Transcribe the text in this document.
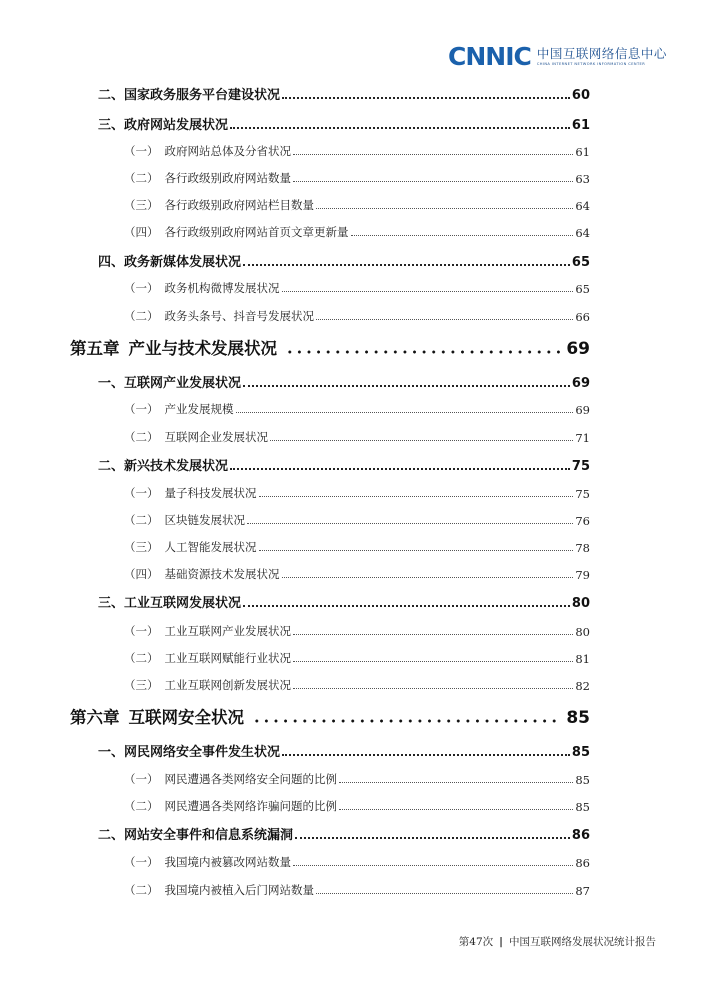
CNNIC 中国互联网络信息中心
CHINA INTERNET NETWORK INFORMATION CENTER
二、国家政务服务平台建设状况	60
三、政府网站发展状况	61
（一） 政府网站总体及分省状况	61
（二） 各行政级别政府网站数量	63
（三） 各行政级别政府网站栏目数量	64
（四） 各行政级别政府网站首页文章更新量	64
四、政务新媒体发展状况	65
（一） 政务机构微博发展状况	65
（二） 政务头条号、抖音号发展状况	66
第五章 产业与技术发展状况	69
一、互联网产业发展状况	69
（一） 产业发展规模	69
（二） 互联网企业发展状况	71
二、新兴技术发展状况	75
（一） 量子科技发展状况	75
（二） 区块链发展状况	76
（三） 人工智能发展状况	78
（四） 基础资源技术发展状况	79
三、工业互联网发展状况	80
（一） 工业互联网产业发展状况	80
（二） 工业互联网赋能行业状况	81
（三） 工业互联网创新发展状况	82
第六章 互联网安全状况	85
一、网民网络安全事件发生状况	85
（一） 网民遭遇各类网络安全问题的比例	85
（二） 网民遭遇各类网络诈骗问题的比例	85
二、网站安全事件和信息系统漏洞	86
（一） 我国境内被篡改网站数量	86
（二） 我国境内被植入后门网站数量	87
第47次 | 中国互联网络发展状况统计报告
